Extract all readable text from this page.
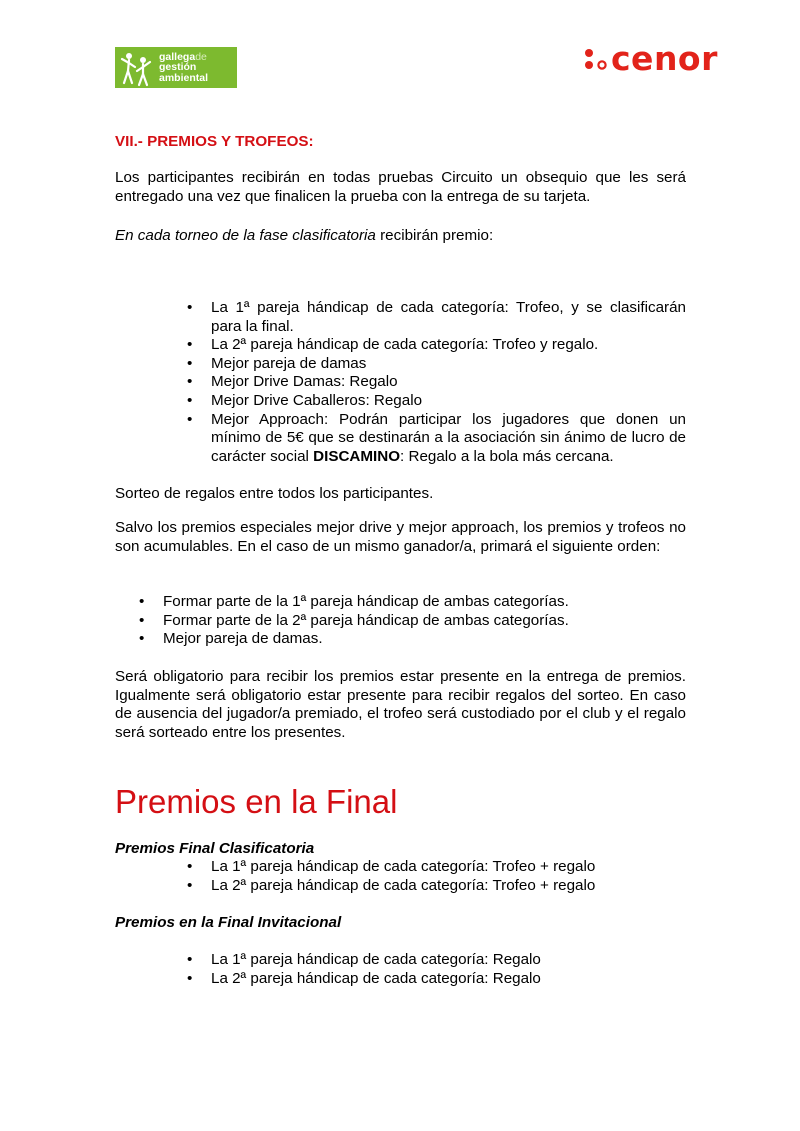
gallegade
gestión
ambiental	cenor
VII.- PREMIOS Y TROFEOS:
Los participantes recibirán en todas pruebas Circuito un obsequio que les será entregado una vez que finalicen la prueba con la entrega de su tarjeta.
En cada torneo de la fase clasificatoria recibirán premio:
• La 1ª pareja hándicap de cada categoría: Trofeo, y se clasificarán para la final.
• La 2ª pareja hándicap de cada categoría: Trofeo y regalo.
• Mejor pareja de damas
• Mejor Drive Damas: Regalo
• Mejor Drive Caballeros: Regalo
• Mejor Approach: Podrán participar los jugadores que donen un mínimo de 5€ que se destinarán a la asociación sin ánimo de lucro de carácter social DISCAMINO: Regalo a la bola más cercana.
Sorteo de regalos entre todos los participantes.
Salvo los premios especiales mejor drive y mejor approach, los premios y trofeos no son acumulables. En el caso de un mismo ganador/a, primará el siguiente orden:
• Formar parte de la 1ª pareja hándicap de ambas categorías.
• Formar parte de la 2ª pareja hándicap de ambas categorías.
• Mejor pareja de damas.
Será obligatorio para recibir los premios estar presente en la entrega de premios. Igualmente será obligatorio estar presente para recibir regalos del sorteo. En caso de ausencia del jugador/a premiado, el trofeo será custodiado por el club y el regalo será sorteado entre los presentes.
Premios en la Final
Premios Final Clasificatoria
• La 1ª pareja hándicap de cada categoría: Trofeo + regalo
• La 2ª pareja hándicap de cada categoría: Trofeo + regalo
Premios en la Final Invitacional
• La 1ª pareja hándicap de cada categoría: Regalo
• La 2ª pareja hándicap de cada categoría: Regalo
